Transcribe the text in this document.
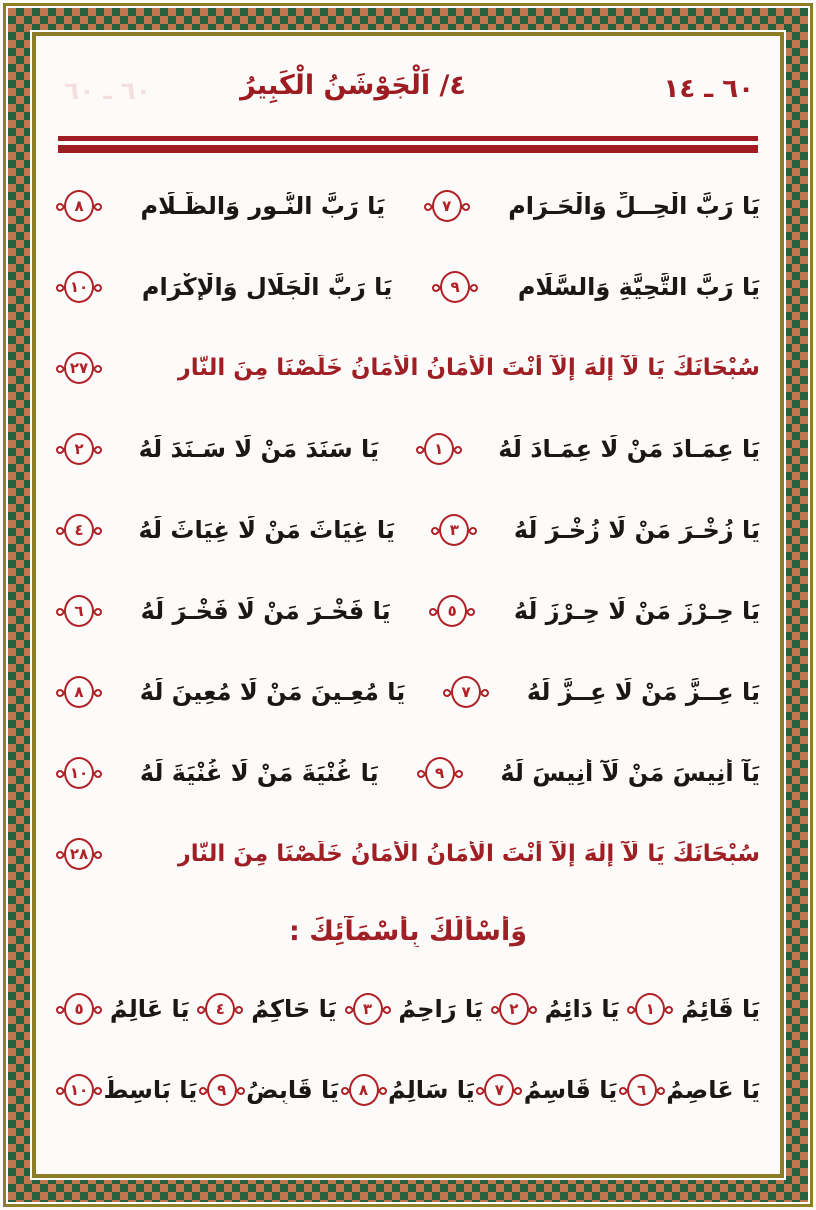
٦٠ ـ ٦٠	٤/ اَلْجَوْشَنُ الْكَبِيرُ	٦٠ ـ ١٤
يَا رَبَّ الْحِــلِّ وَالْحَـرَامِ
٧
يَا رَبَّ النُّـورِ وَالظَّـلَامِ
٨
يَا رَبَّ التَّحِيَّةِ وَالسَّلَامِ
٩
يَا رَبَّ الْجَلَالِ وَالْإِكْرَامِ
١٠
سُبْحَانَكَ يَا لَآ إِلٰهَ إِلَّآ أَنْتَ الْأَمَانُ الْأَمَانُ خَلِّصْنَا مِنَ النَّارِ
٢٧
يَا عِمَـادَ مَنْ لَا عِمَـادَ لَهُ
١
يَا سَنَدَ مَنْ لَا سَـنَدَ لَهُ
٢
يَا زُخْـرَ مَنْ لَا زُخْـرَ لَهُ
٣
يَا غِيَاثَ مَنْ لَا غِيَاثَ لَهُ
٤
يَا حِـرْزَ مَنْ لَا حِـرْزَ لَهُ
٥
يَا فَخْـرَ مَنْ لَا فَخْـرَ لَهُ
٦
يَا عِــزَّ مَنْ لَا عِــزَّ لَهُ
٧
يَا مُعِـينَ مَنْ لَا مُعِينَ لَهُ
٨
يَآ أَنِيسَ مَنْ لَآ أَنِيسَ لَهُ
٩
يَا غُنْيَةَ مَنْ لَا غُنْيَةَ لَهُ
١٠
سُبْحَانَكَ يَا لَآ إِلٰهَ إِلَّآ أَنْتَ الْأَمَانُ الْأَمَانُ خَلِّصْنَا مِنَ النَّارِ
٢٨
وَأَسْأَلُكَ بِأَسْمَآئِكَ :
يَا قَائِمُ
١
يَا دَائِمُ
٢
يَا رَاحِمُ
٣
يَا حَاكِمُ
٤
يَا عَالِمُ
٥
يَا عَاصِمُ
٦
يَا قَاسِمُ
٧
يَا سَالِمُ
٨
يَا قَابِضُ
٩
يَا بَاسِطُ
١٠
